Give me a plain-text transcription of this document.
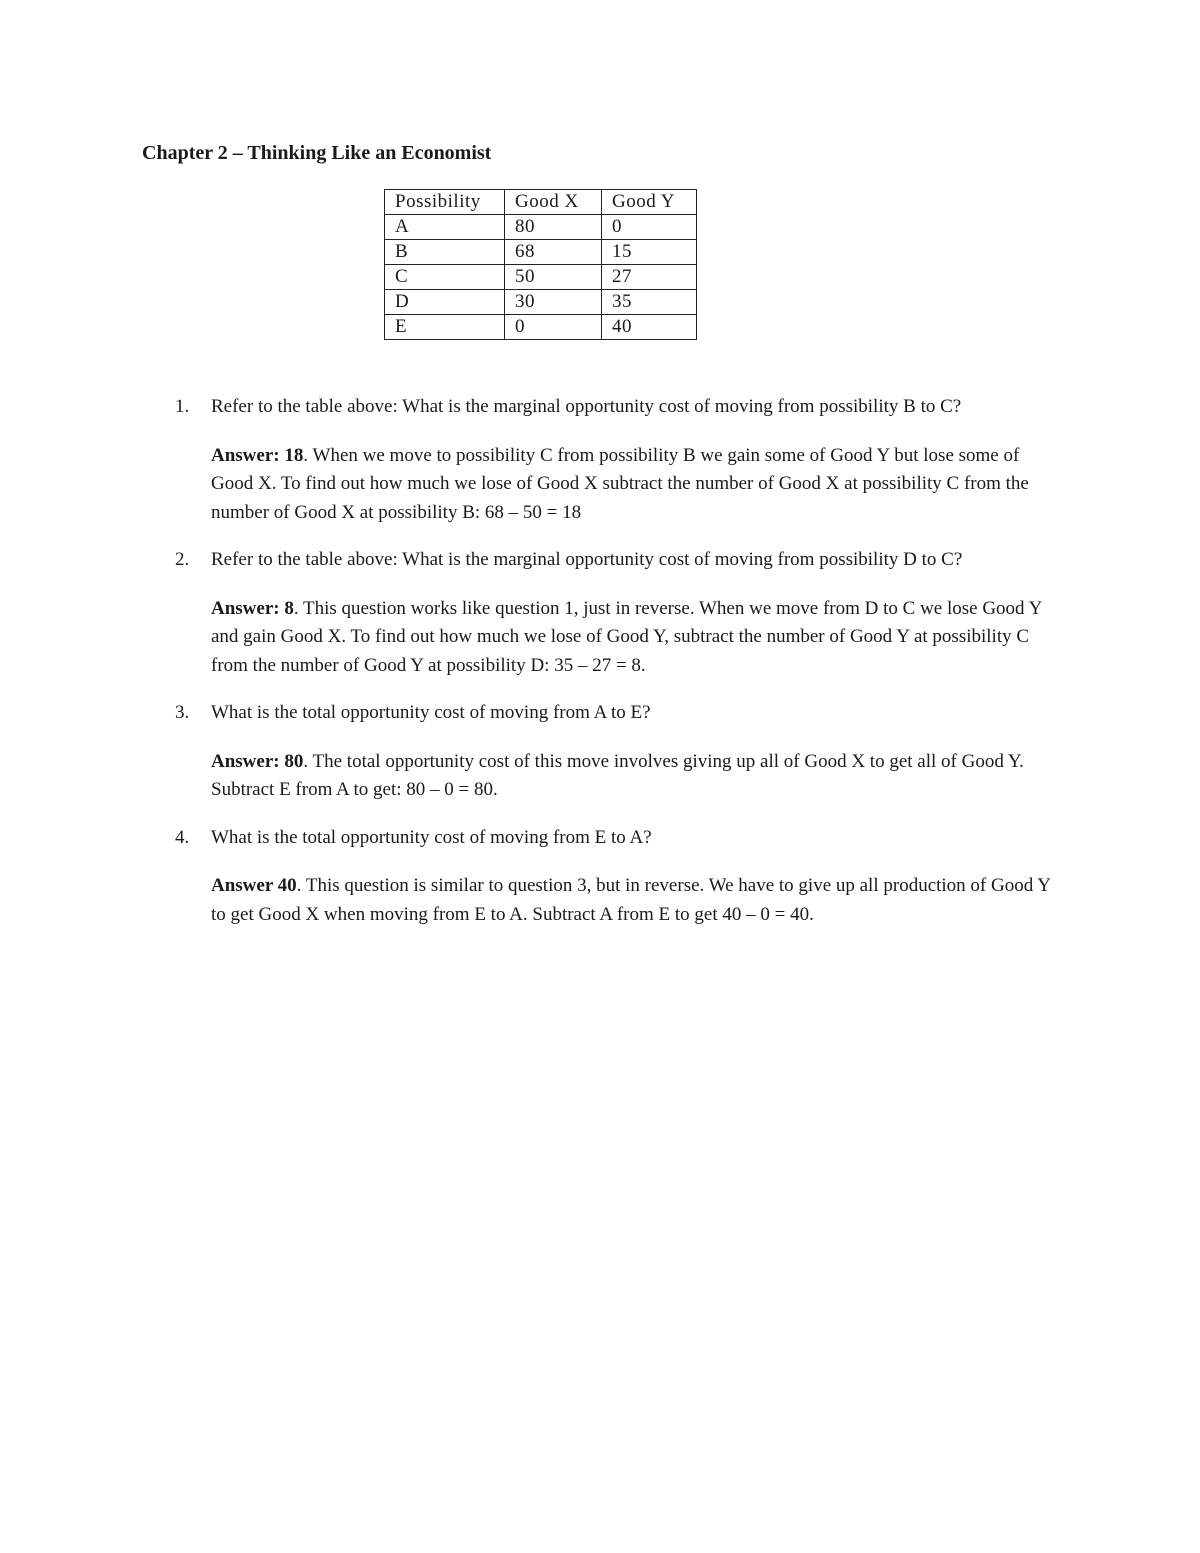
Chapter 2 – Thinking Like an Economist
Possibility	Good X	Good Y
A	80	0
B	68	15
C	50	27
D	30	35
E	0	40
1. Refer to the table above: What is the marginal opportunity cost of moving from possibility B to C?

Answer: 18. When we move to possibility C from possibility B we gain some of Good Y but lose some of Good X. To find out how much we lose of Good X subtract the number of Good X at possibility C from the number of Good X at possibility B: 68 – 50 = 18

2. Refer to the table above: What is the marginal opportunity cost of moving from possibility D to C?

Answer: 8. This question works like question 1, just in reverse. When we move from D to C we lose Good Y and gain Good X. To find out how much we lose of Good Y, subtract the number of Good Y at possibility C from the number of Good Y at possibility D: 35 – 27 = 8.

3. What is the total opportunity cost of moving from A to E?

Answer: 80. The total opportunity cost of this move involves giving up all of Good X to get all of Good Y. Subtract E from A to get: 80 – 0 = 80.

4. What is the total opportunity cost of moving from E to A?

Answer 40. This question is similar to question 3, but in reverse. We have to give up all production of Good Y to get Good X when moving from E to A. Subtract A from E to get 40 – 0 = 40.
